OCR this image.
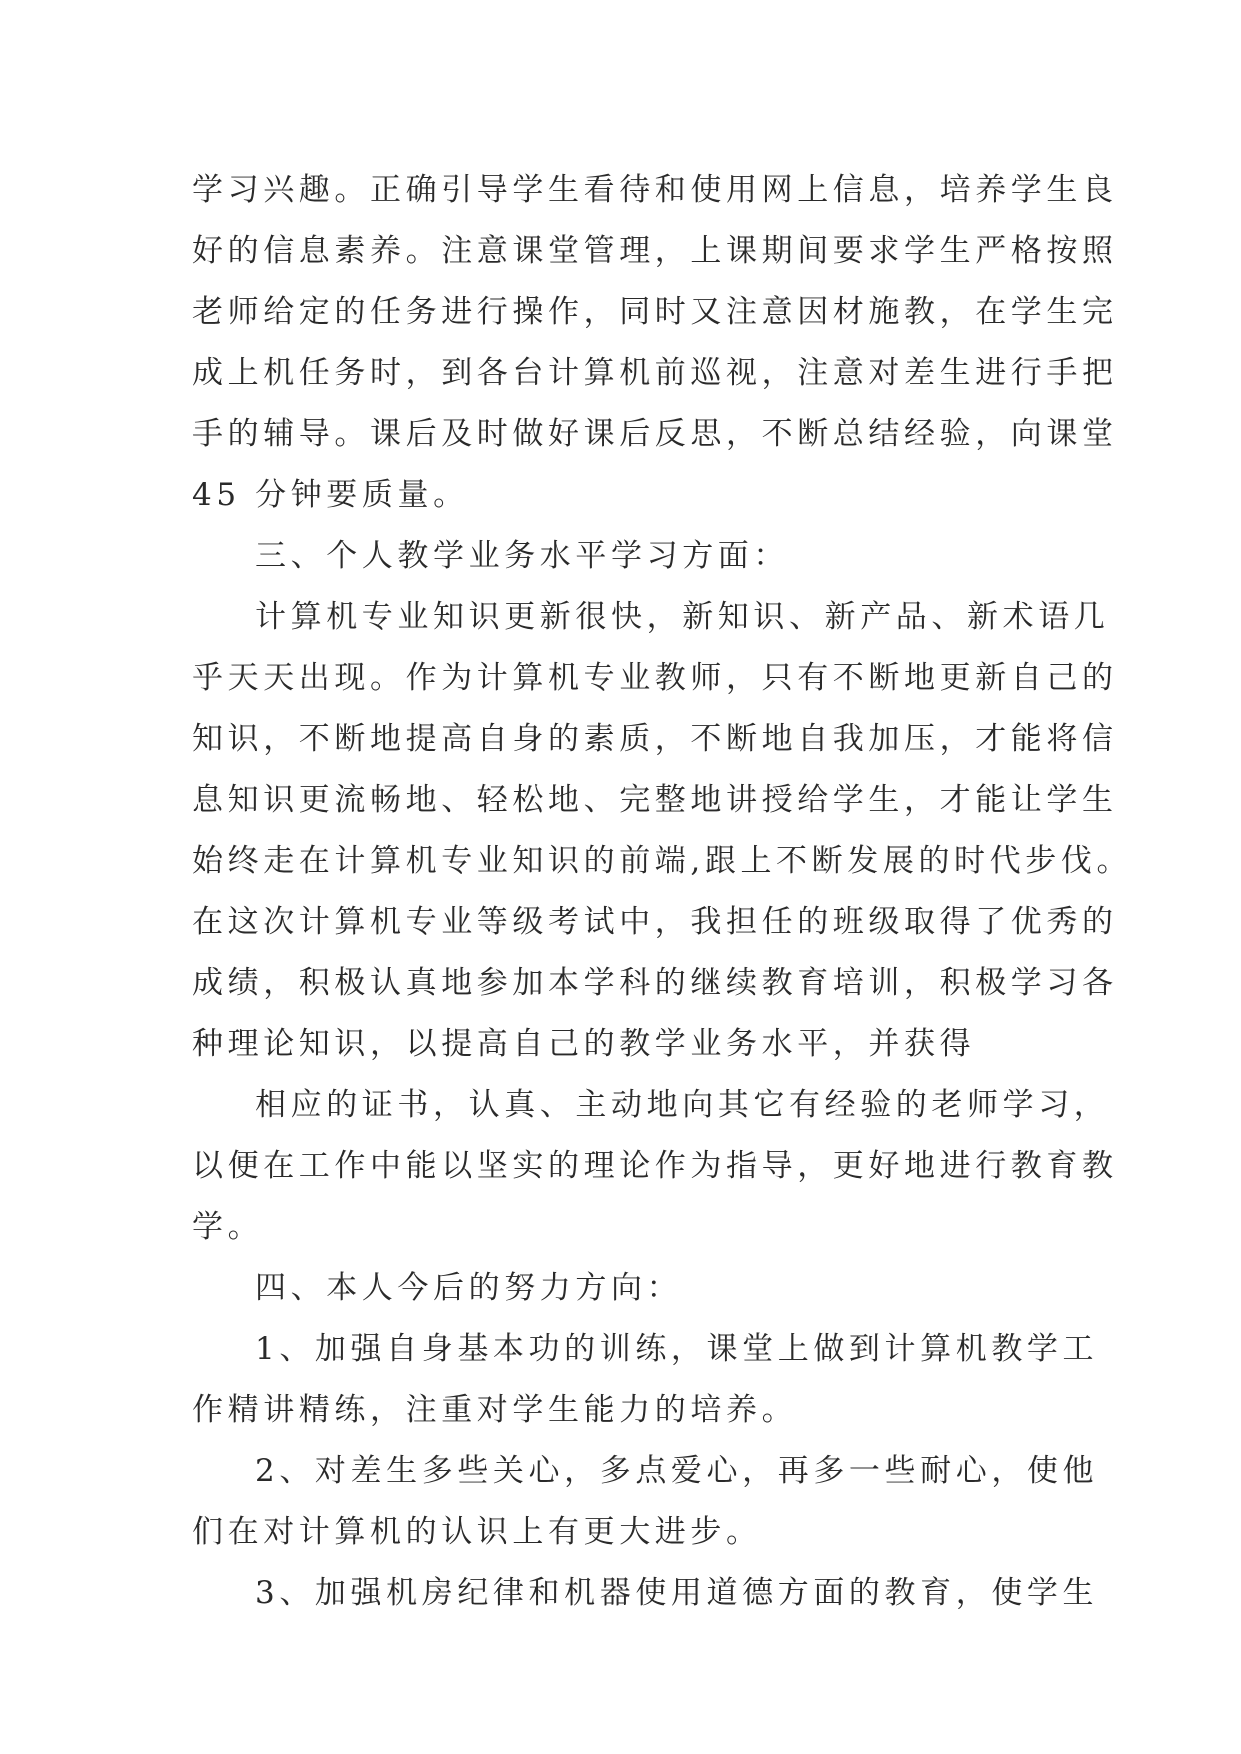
学习兴趣。正确引导学生看待和使用网上信息，培养学生良
好的信息素养。注意课堂管理，上课期间要求学生严格按照
老师给定的任务进行操作，同时又注意因材施教，在学生完
成上机任务时，到各台计算机前巡视，注意对差生进行手把
手的辅导。课后及时做好课后反思，不断总结经验，向课堂
45 分钟要质量。
三、个人教学业务水平学习方面：
计算机专业知识更新很快，新知识、新产品、新术语几
乎天天出现。作为计算机专业教师，只有不断地更新自己的
知识，不断地提高自身的素质，不断地自我加压，才能将信
息知识更流畅地、轻松地、完整地讲授给学生，才能让学生
始终走在计算机专业知识的前端,跟上不断发展的时代步伐。
在这次计算机专业等级考试中，我担任的班级取得了优秀的
成绩，积极认真地参加本学科的继续教育培训，积极学习各
种理论知识，以提高自己的教学业务水平，并获得
相应的证书，认真、主动地向其它有经验的老师学习，
以便在工作中能以坚实的理论作为指导，更好地进行教育教
学。
四、本人今后的努力方向：
1、加强自身基本功的训练，课堂上做到计算机教学工
作精讲精练，注重对学生能力的培养。
2、对差生多些关心，多点爱心，再多一些耐心，使他
们在对计算机的认识上有更大进步。
3、加强机房纪律和机器使用道德方面的教育，使学生
